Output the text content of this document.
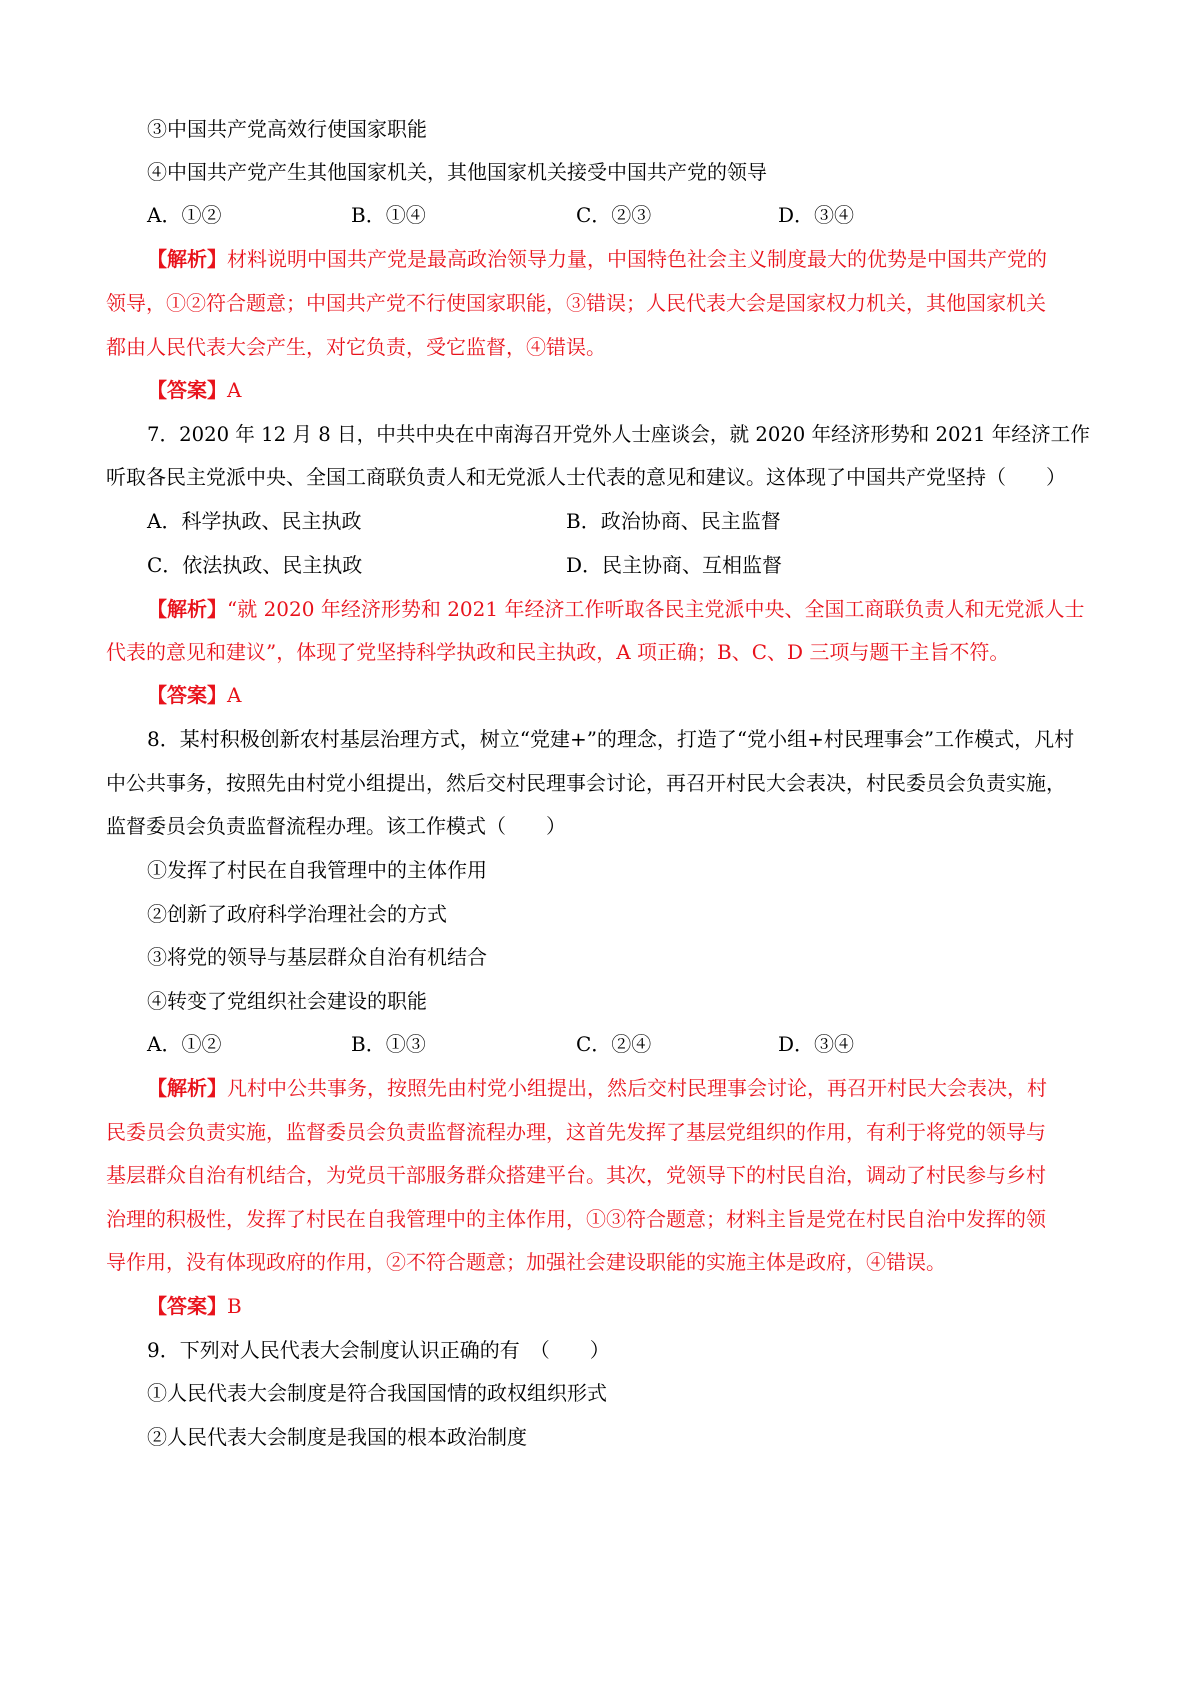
③中国共产党高效行使国家职能
④中国共产党产生其他国家机关，其他国家机关接受中国共产党的领导
A．①②	B．①④	C．②③	D．③④
【解析】材料说明中国共产党是最高政治领导力量，中国特色社会主义制度最大的优势是中国共产党的
领导，①②符合题意；中国共产党不行使国家职能，③错误；人民代表大会是国家权力机关，其他国家机关
都由人民代表大会产生，对它负责，受它监督，④错误。
【答案】A
7．2020 年 12 月 8 日，中共中央在中南海召开党外人士座谈会，就 2020 年经济形势和 2021 年经济工作
听取各民主党派中央、全国工商联负责人和无党派人士代表的意见和建议。这体现了中国共产党坚持（　　）
A．科学执政、民主执政	B．政治协商、民主监督
C．依法执政、民主执政	D．民主协商、互相监督
【解析】“就 2020 年经济形势和 2021 年经济工作听取各民主党派中央、全国工商联负责人和无党派人士
代表的意见和建议”，体现了党坚持科学执政和民主执政，A 项正确；B、C、D 三项与题干主旨不符。
【答案】A
8．某村积极创新农村基层治理方式，树立“党建+”的理念，打造了“党小组+村民理事会”工作模式，凡村
中公共事务，按照先由村党小组提出，然后交村民理事会讨论，再召开村民大会表决，村民委员会负责实施，
监督委员会负责监督流程办理。该工作模式（　　）
①发挥了村民在自我管理中的主体作用
②创新了政府科学治理社会的方式
③将党的领导与基层群众自治有机结合
④转变了党组织社会建设的职能
A．①②	B．①③	C．②④	D．③④
【解析】凡村中公共事务，按照先由村党小组提出，然后交村民理事会讨论，再召开村民大会表决，村
民委员会负责实施，监督委员会负责监督流程办理，这首先发挥了基层党组织的作用，有利于将党的领导与
基层群众自治有机结合，为党员干部服务群众搭建平台。其次，党领导下的村民自治，调动了村民参与乡村
治理的积极性，发挥了村民在自我管理中的主体作用，①③符合题意；材料主旨是党在村民自治中发挥的领
导作用，没有体现政府的作用，②不符合题意；加强社会建设职能的实施主体是政府，④错误。
【答案】B
9．下列对人民代表大会制度认识正确的有　（　　）
①人民代表大会制度是符合我国国情的政权组织形式
②人民代表大会制度是我国的根本政治制度
